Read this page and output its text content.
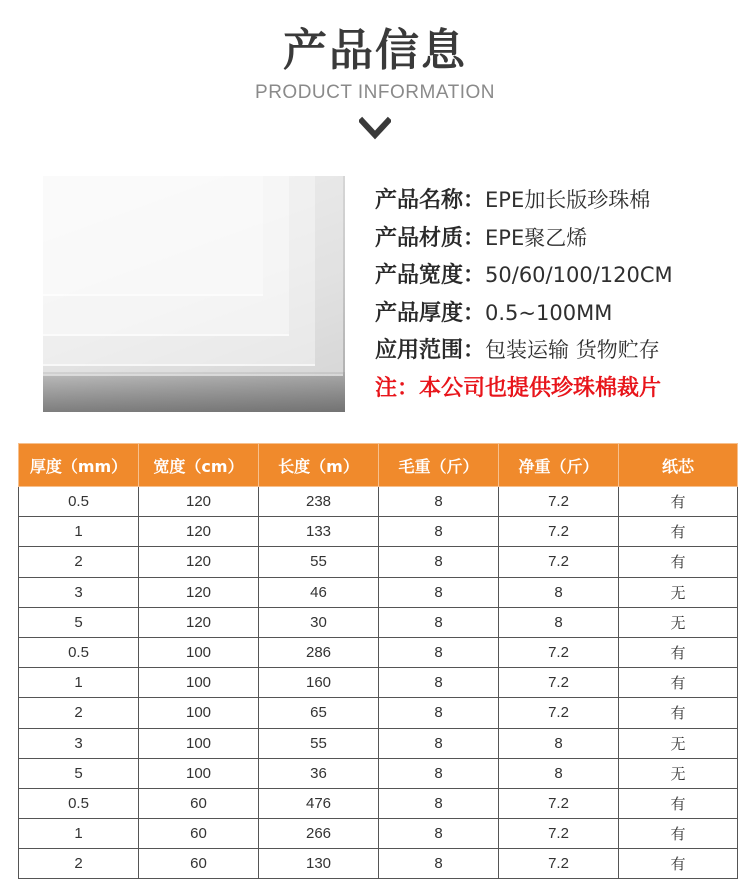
产品信息
PRODUCT INFORMATION
产品名称：EPE加长版珍珠棉
产品材质：EPE聚乙烯
产品宽度：50/60/100/120CM
产品厚度：0.5~100MM
应用范围：包装运输 货物贮存
注：本公司也提供珍珠棉裁片
厚度（mm）	宽度（cm）	长度（m）	毛重（斤）	净重（斤）	纸芯
0.5	120	238	8	7.2	有
1	120	133	8	7.2	有
2	120	55	8	7.2	有
3	120	46	8	8	无
5	120	30	8	8	无
0.5	100	286	8	7.2	有
1	100	160	8	7.2	有
2	100	65	8	7.2	有
3	100	55	8	8	无
5	100	36	8	8	无
0.5	60	476	8	7.2	有
1	60	266	8	7.2	有
2	60	130	8	7.2	有
